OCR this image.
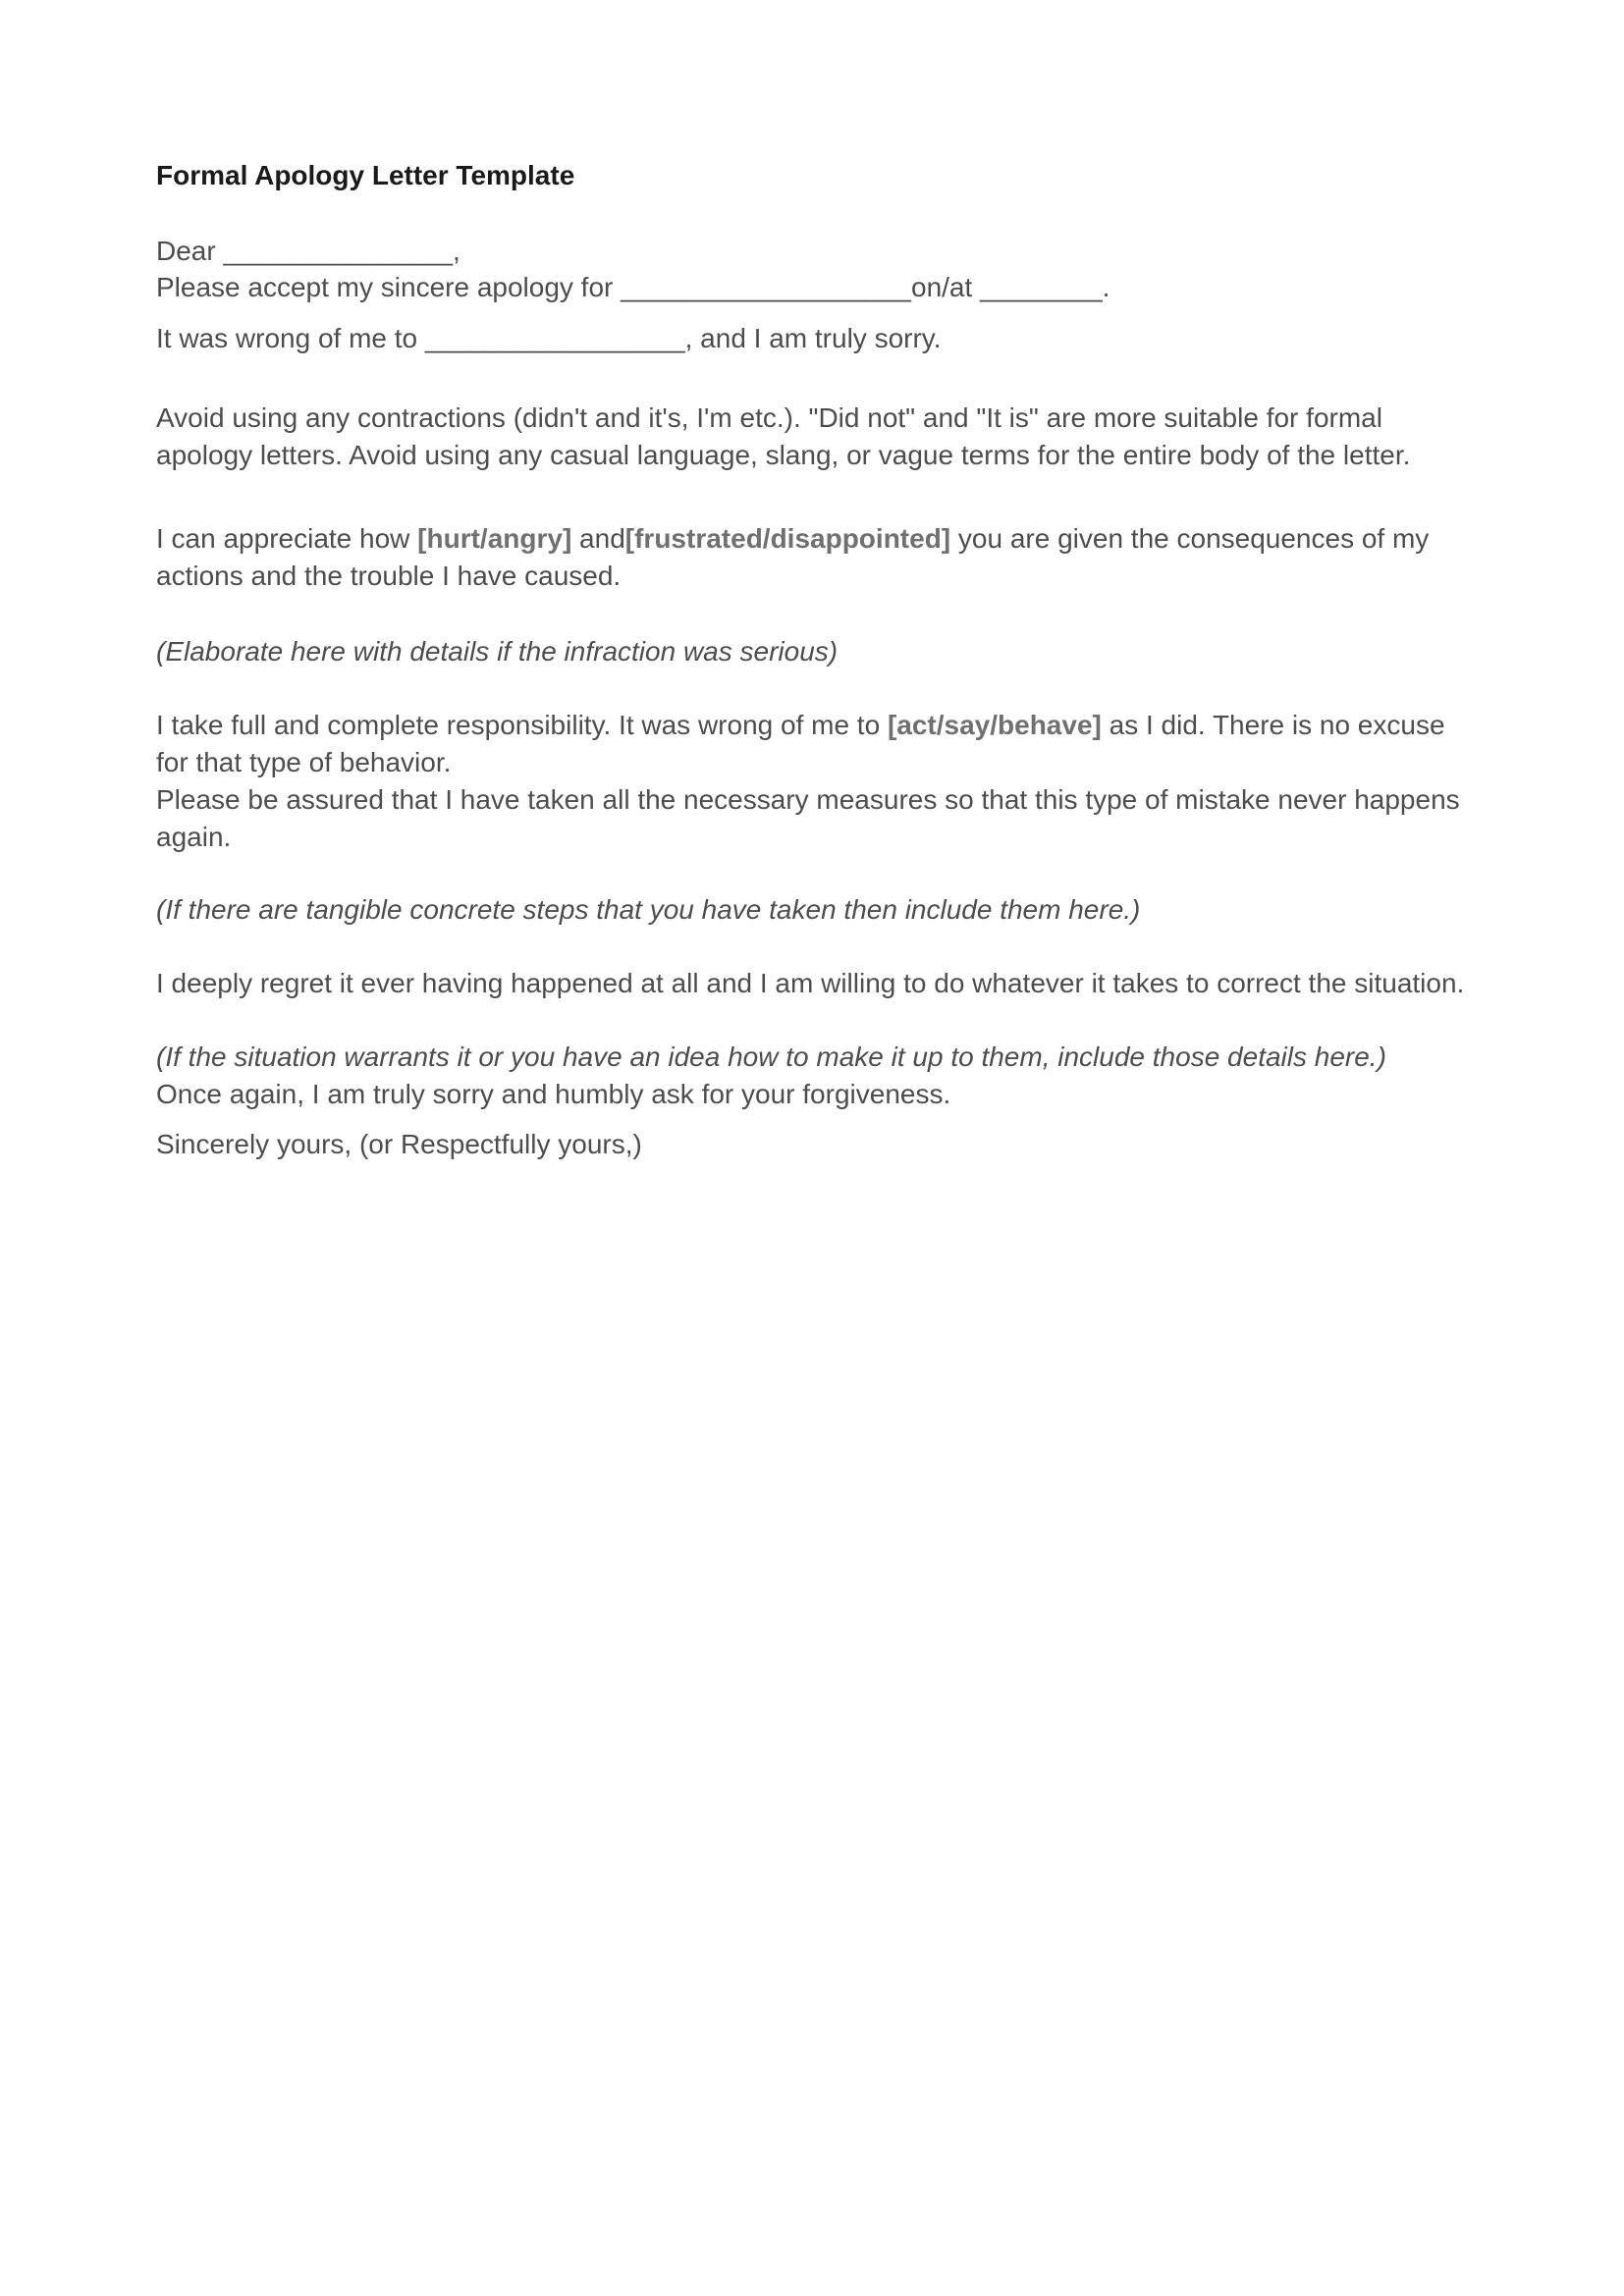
Formal Apology Letter Template

Dear _______________,

Please accept my sincere apology for ___________________on/at ________.

It was wrong of me to _________________, and I am truly sorry.

Avoid using any contractions (didn't and it's, I'm etc.). "Did not" and "It is" are more suitable for formal apology letters. Avoid using any casual language, slang, or vague terms for the entire body of the letter.

I can appreciate how [hurt/angry] and[frustrated/disappointed] you are given the consequences of my actions and the trouble I have caused.

(Elaborate here with details if the infraction was serious)

I take full and complete responsibility. It was wrong of me to [act/say/behave] as I did. There is no excuse for that type of behavior.

Please be assured that I have taken all the necessary measures so that this type of mistake never happens again.

(If there are tangible concrete steps that you have taken then include them here.)

I deeply regret it ever having happened at all and I am willing to do whatever it takes to correct the situation.

(If the situation warrants it or you have an idea how to make it up to them, include those details here.)

Once again, I am truly sorry and humbly ask for your forgiveness.

Sincerely yours, (or Respectfully yours,)
